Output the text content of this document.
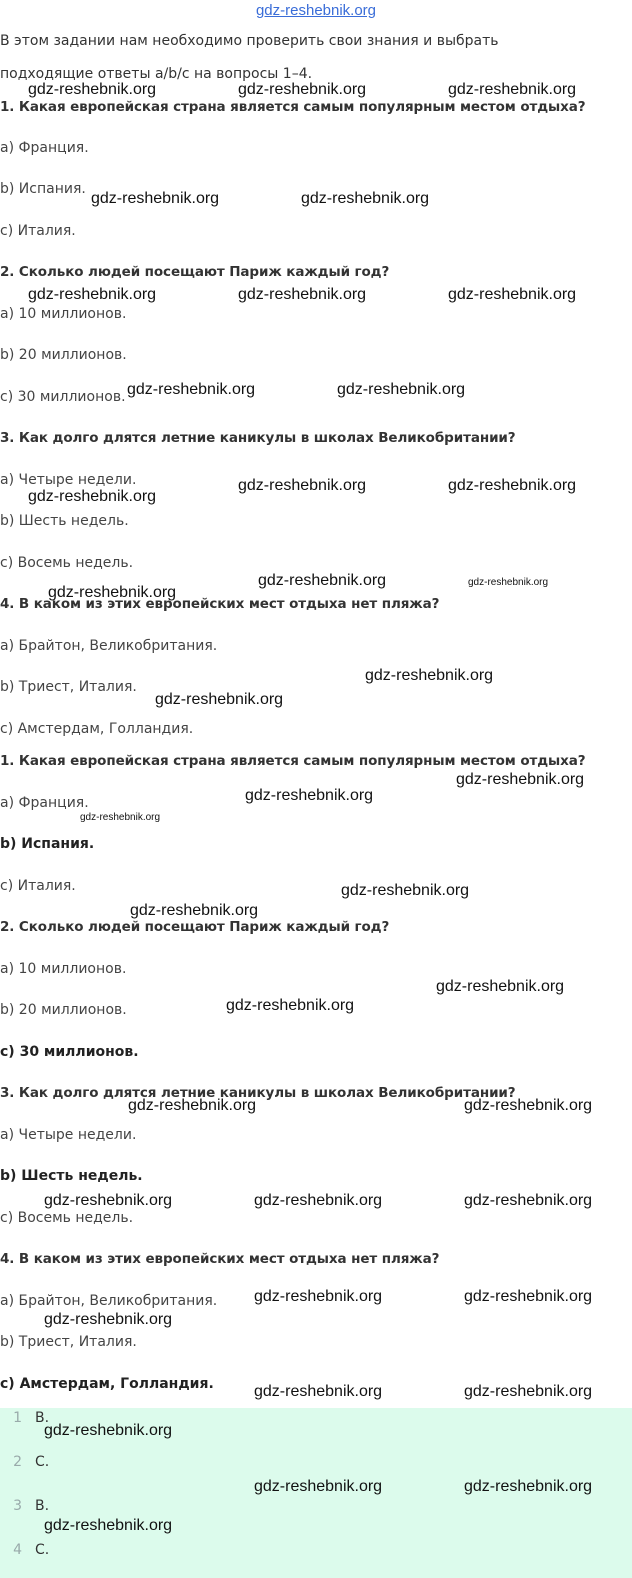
gdz-reshebnik.org
В этом задании нам необходимо проверить свои знания и выбрать
подходящие ответы a/b/c на вопросы 1–4.
1. Какая европейская страна является самым популярным местом отдыха?
a) Франция.
b) Испания.
c) Италия.
2. Сколько людей посещают Париж каждый год?
a) 10 миллионов.
b) 20 миллионов.
c) 30 миллионов.
3. Как долго длятся летние каникулы в школах Великобритании?
a) Четыре недели.
b) Шесть недель.
c) Восемь недель.
4. В каком из этих европейских мест отдыха нет пляжа?
a) Брайтон, Великобритания.
b) Триест, Италия.
c) Амстердам, Голландия.
1. Какая европейская страна является самым популярным местом отдыха?
a) Франция.
b) Испания.
c) Италия.
2. Сколько людей посещают Париж каждый год?
a) 10 миллионов.
b) 20 миллионов.
c) 30 миллионов.
3. Как долго длятся летние каникулы в школах Великобритании?
a) Четыре недели.
b) Шесть недель.
c) Восемь недель.
4. В каком из этих европейских мест отдыха нет пляжа?
a) Брайтон, Великобритания.
b) Триест, Италия.
c) Амстердам, Голландия.
1 B.
2 C.
3 B.
4 C.
gdz-reshebnik.org	gdz-reshebnik.org	gdz-reshebnik.org
gdz-reshebnik.org	gdz-reshebnik.org
gdz-reshebnik.org	gdz-reshebnik.org	gdz-reshebnik.org
gdz-reshebnik.org	gdz-reshebnik.org
gdz-reshebnik.org	gdz-reshebnik.org
gdz-reshebnik.org
gdz-reshebnik.org	gdz-reshebnik.org
gdz-reshebnik.org
gdz-reshebnik.org
gdz-reshebnik.org
gdz-reshebnik.org
gdz-reshebnik.org
gdz-reshebnik.org
gdz-reshebnik.org
gdz-reshebnik.org
gdz-reshebnik.org
gdz-reshebnik.org
gdz-reshebnik.org
gdz-reshebnik.org
gdz-reshebnik.org	gdz-reshebnik.org	gdz-reshebnik.org
gdz-reshebnik.org	gdz-reshebnik.org
gdz-reshebnik.org
gdz-reshebnik.org	gdz-reshebnik.org
gdz-reshebnik.org
gdz-reshebnik.org	gdz-reshebnik.org
gdz-reshebnik.org
